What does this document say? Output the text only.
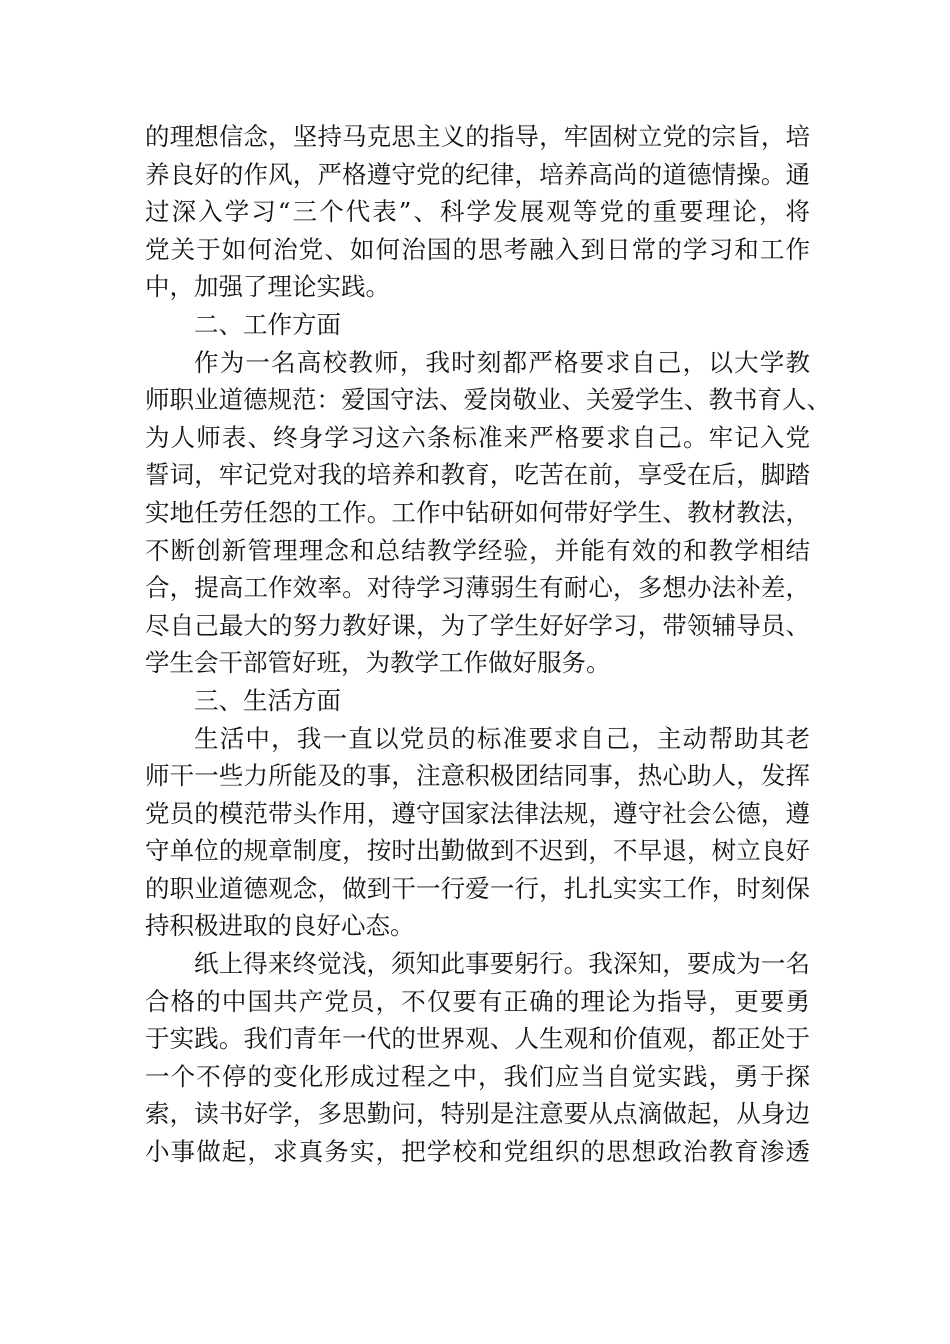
的理想信念，坚持马克思主义的指导，牢固树立党的宗旨，培
养良好的作风，严格遵守党的纪律，培养高尚的道德情操。通
过深入学习“三个代表”、科学发展观等党的重要理论，将
党关于如何治党、如何治国的思考融入到日常的学习和工作
中，加强了理论实践。
二、工作方面
作为一名高校教师，我时刻都严格要求自己，以大学教
师职业道德规范：爱国守法、爱岗敬业、关爱学生、教书育人、
为人师表、终身学习这六条标准来严格要求自己。牢记入党
誓词，牢记党对我的培养和教育，吃苦在前，享受在后，脚踏
实地任劳任怨的工作。工作中钻研如何带好学生、教材教法，
不断创新管理理念和总结教学经验，并能有效的和教学相结
合，提高工作效率。对待学习薄弱生有耐心，多想办法补差，
尽自己最大的努力教好课，为了学生好好学习，带领辅导员、
学生会干部管好班，为教学工作做好服务。
三、生活方面
生活中，我一直以党员的标准要求自己，主动帮助其老
师干一些力所能及的事，注意积极团结同事，热心助人，发挥
党员的模范带头作用，遵守国家法律法规，遵守社会公德，遵
守单位的规章制度，按时出勤做到不迟到，不早退，树立良好
的职业道德观念，做到干一行爱一行，扎扎实实工作，时刻保
持积极进取的良好心态。
纸上得来终觉浅，须知此事要躬行。我深知，要成为一名
合格的中国共产党员，不仅要有正确的理论为指导，更要勇
于实践。我们青年一代的世界观、人生观和价值观，都正处于
一个不停的变化形成过程之中，我们应当自觉实践，勇于探
索，读书好学，多思勤问，特别是注意要从点滴做起，从身边
小事做起，求真务实，把学校和党组织的思想政治教育渗透
